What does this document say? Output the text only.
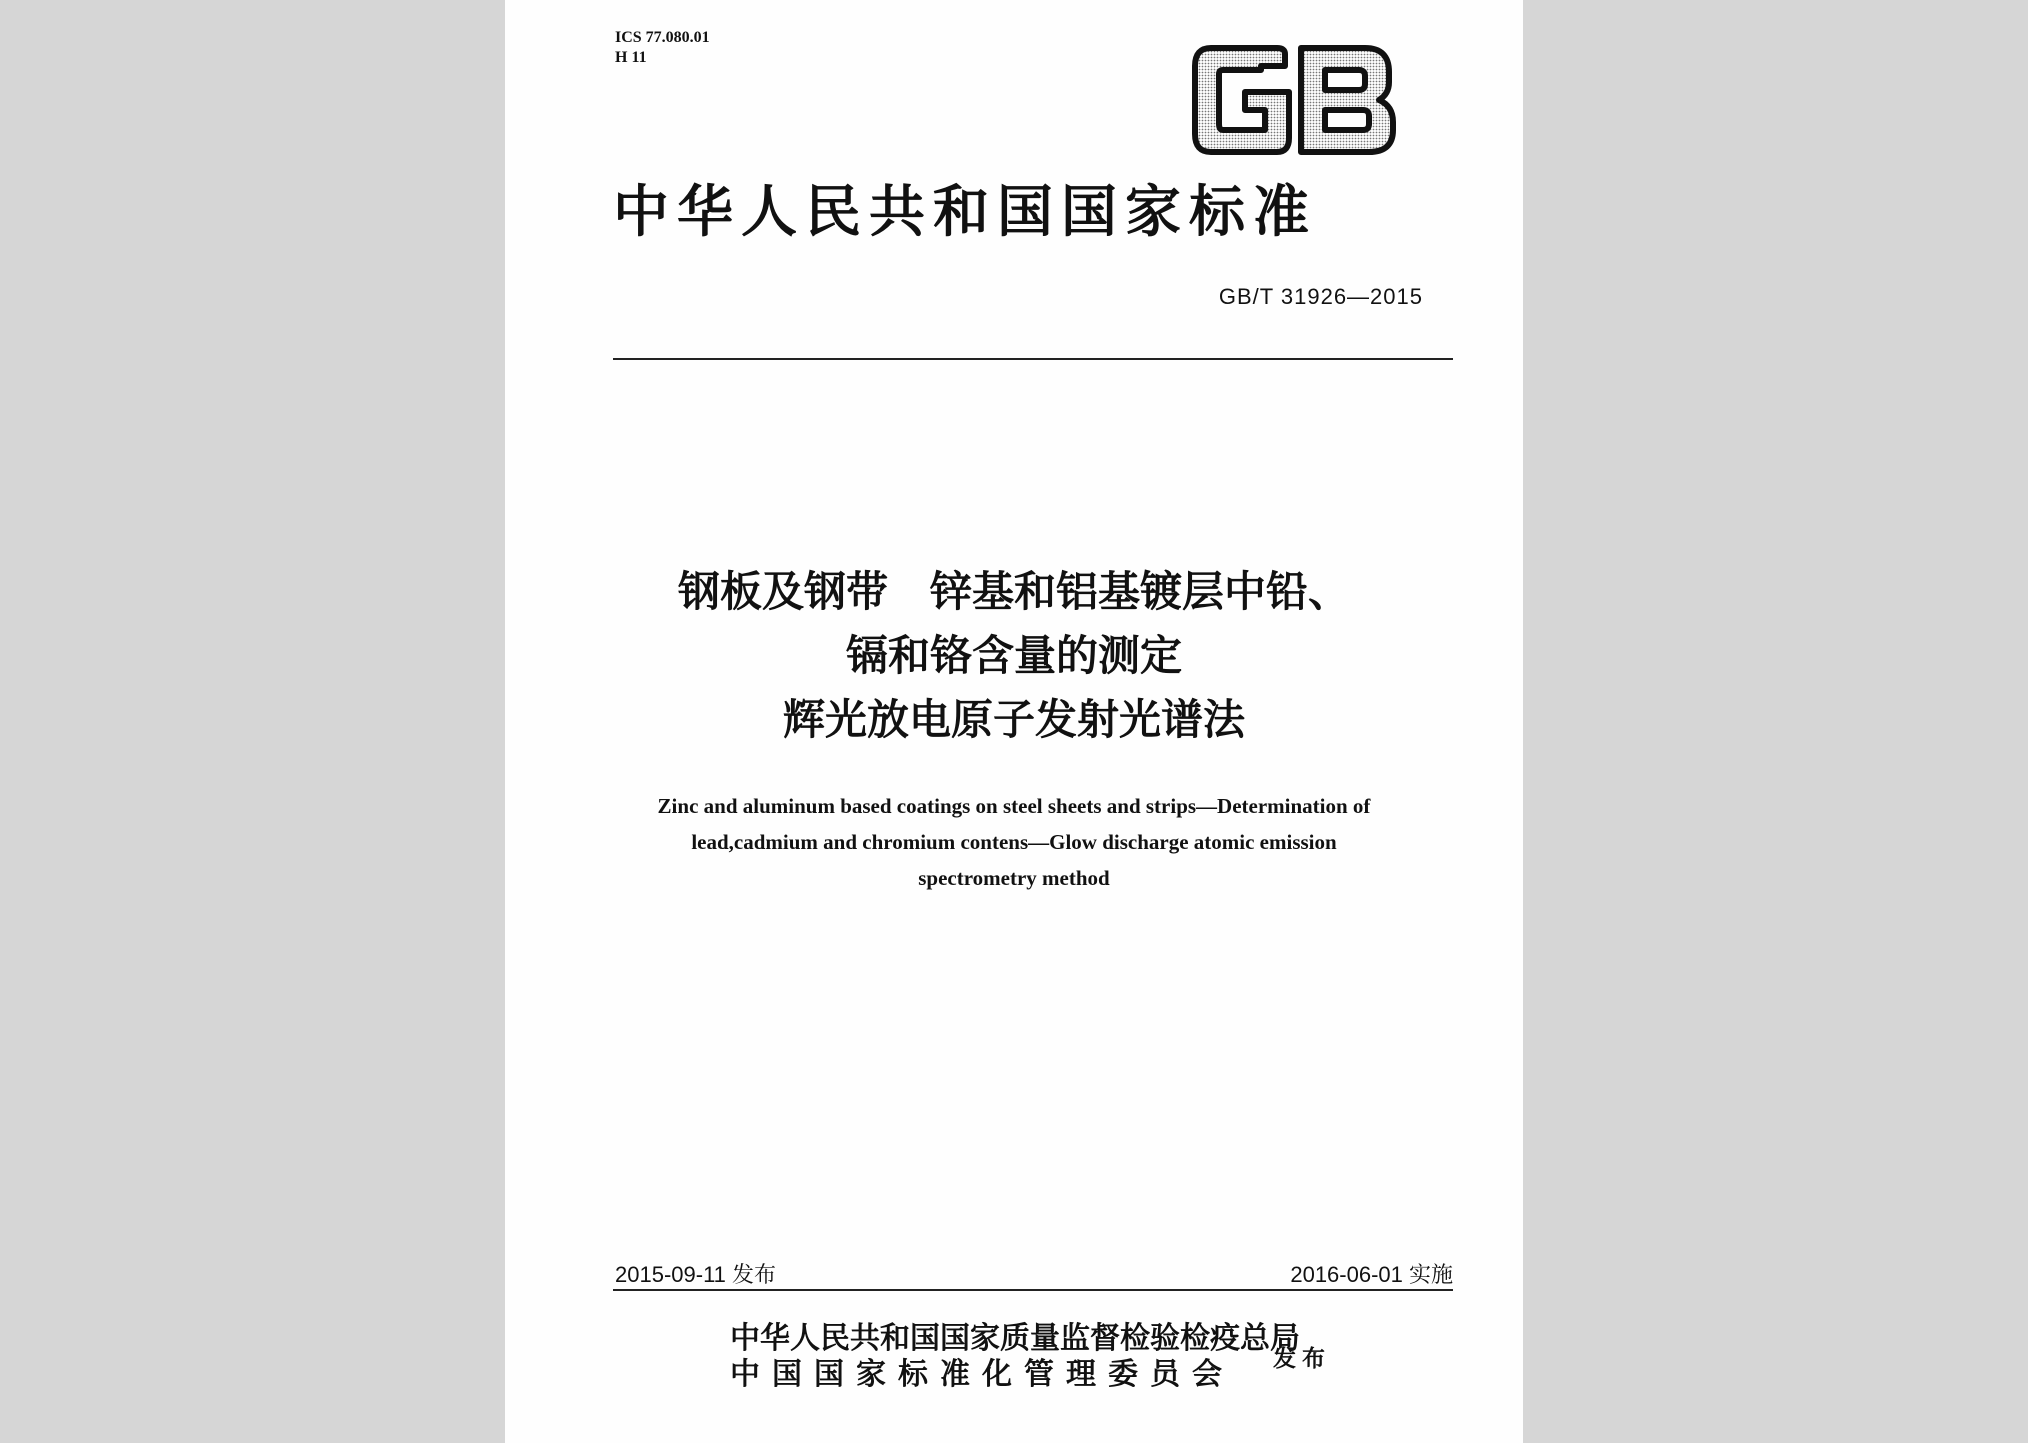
ICS 77.080.01
H 11
中华人民共和国国家标准
GB/T 31926—2015
钢板及钢带　锌基和铝基镀层中铅、
镉和铬含量的测定
辉光放电原子发射光谱法
Zinc and aluminum based coatings on steel sheets and strips—Determination of
lead,cadmium and chromium contens—Glow discharge atomic emission
spectrometry method
2015-09-11 发布	2016-06-01 实施
中华人民共和国国家质量监督检验检疫总局
中国国家标准化管理委员会	发布
